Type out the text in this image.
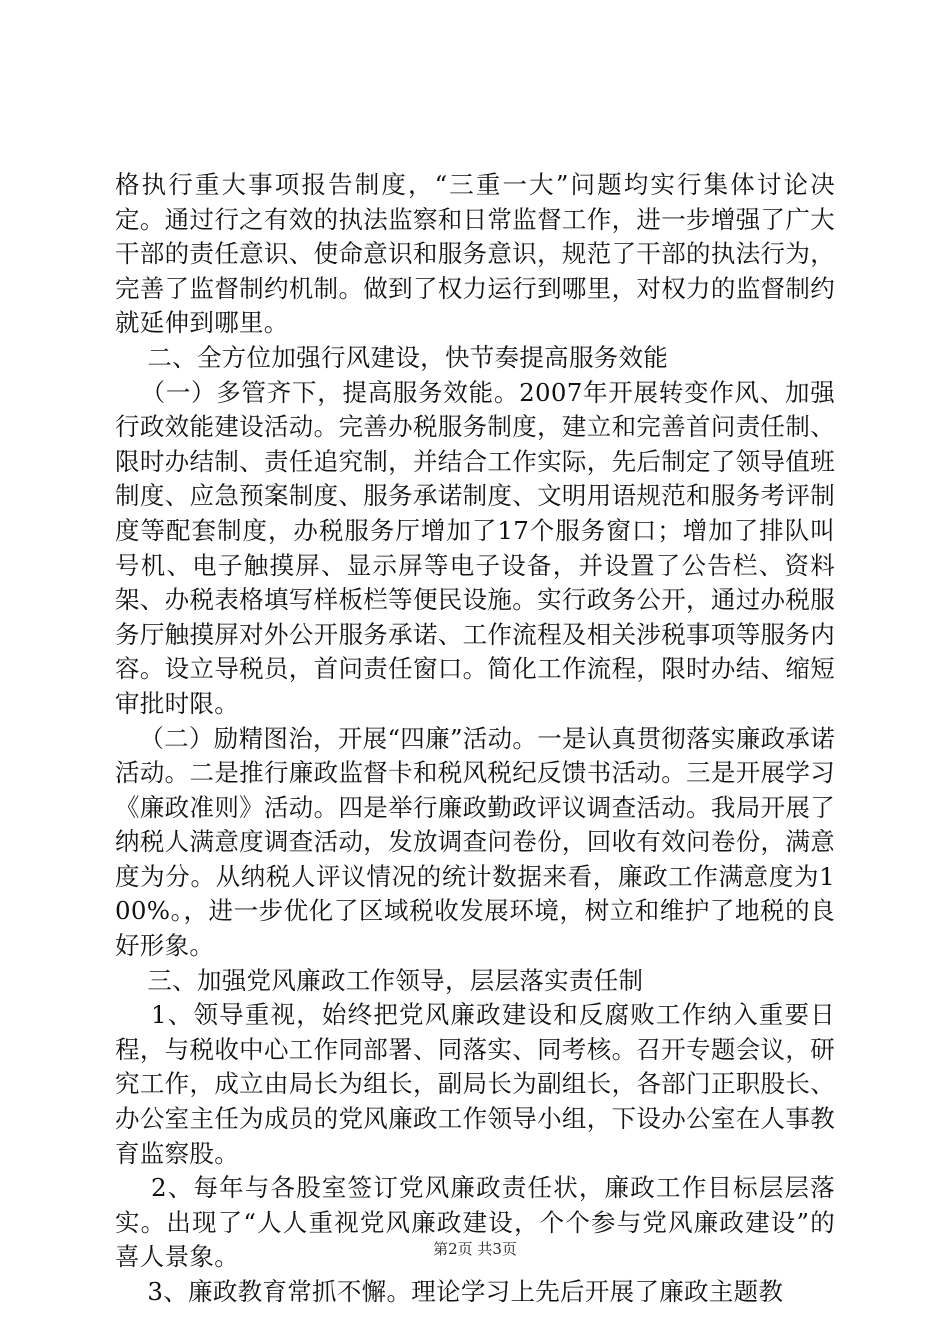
格执行重大事项报告制度，“三重一大”问题均实行集体讨论决定。通过行之有效的执法监察和日常监督工作，进一步增强了广大干部的责任意识、使命意识和服务意识，规范了干部的执法行为，完善了监督制约机制。做到了权力运行到哪里，对权力的监督制约就延伸到哪里。

二、全方位加强行风建设，快节奏提高服务效能

（一）多管齐下，提高服务效能。2007年开展转变作风、加强行政效能建设活动。完善办税服务制度，建立和完善首问责任制、限时办结制、责任追究制，并结合工作实际，先后制定了领导值班制度、应急预案制度、服务承诺制度、文明用语规范和服务考评制度等配套制度，办税服务厅增加了17个服务窗口；增加了排队叫号机、电子触摸屏、显示屏等电子设备，并设置了公告栏、资料架、办税表格填写样板栏等便民设施。实行政务公开，通过办税服务厅触摸屏对外公开服务承诺、工作流程及相关涉税事项等服务内容。设立导税员，首问责任窗口。简化工作流程，限时办结、缩短审批时限。

（二）励精图治，开展“四廉”活动。一是认真贯彻落实廉政承诺活动。二是推行廉政监督卡和税风税纪反馈书活动。三是开展学习《廉政准则》活动。四是举行廉政勤政评议调查活动。我局开展了纳税人满意度调查活动，发放调查问卷份，回收有效问卷份，满意度为分。从纳税人评议情况的统计数据来看，廉政工作满意度为100%。，进一步优化了区域税收发展环境，树立和维护了地税的良好形象。

三、加强党风廉政工作领导，层层落实责任制

1、领导重视，始终把党风廉政建设和反腐败工作纳入重要日程，与税收中心工作同部署、同落实、同考核。召开专题会议，研究工作，成立由局长为组长，副局长为副组长，各部门正职股长、办公室主任为成员的党风廉政工作领导小组，下设办公室在人事教育监察股。

2、每年与各股室签订党风廉政责任状，廉政工作目标层层落实。出现了“人人重视党风廉政建设，个个参与党风廉政建设”的喜人景象。

3、廉政教育常抓不懈。理论学习上先后开展了廉政主题教

第2页 共3页
